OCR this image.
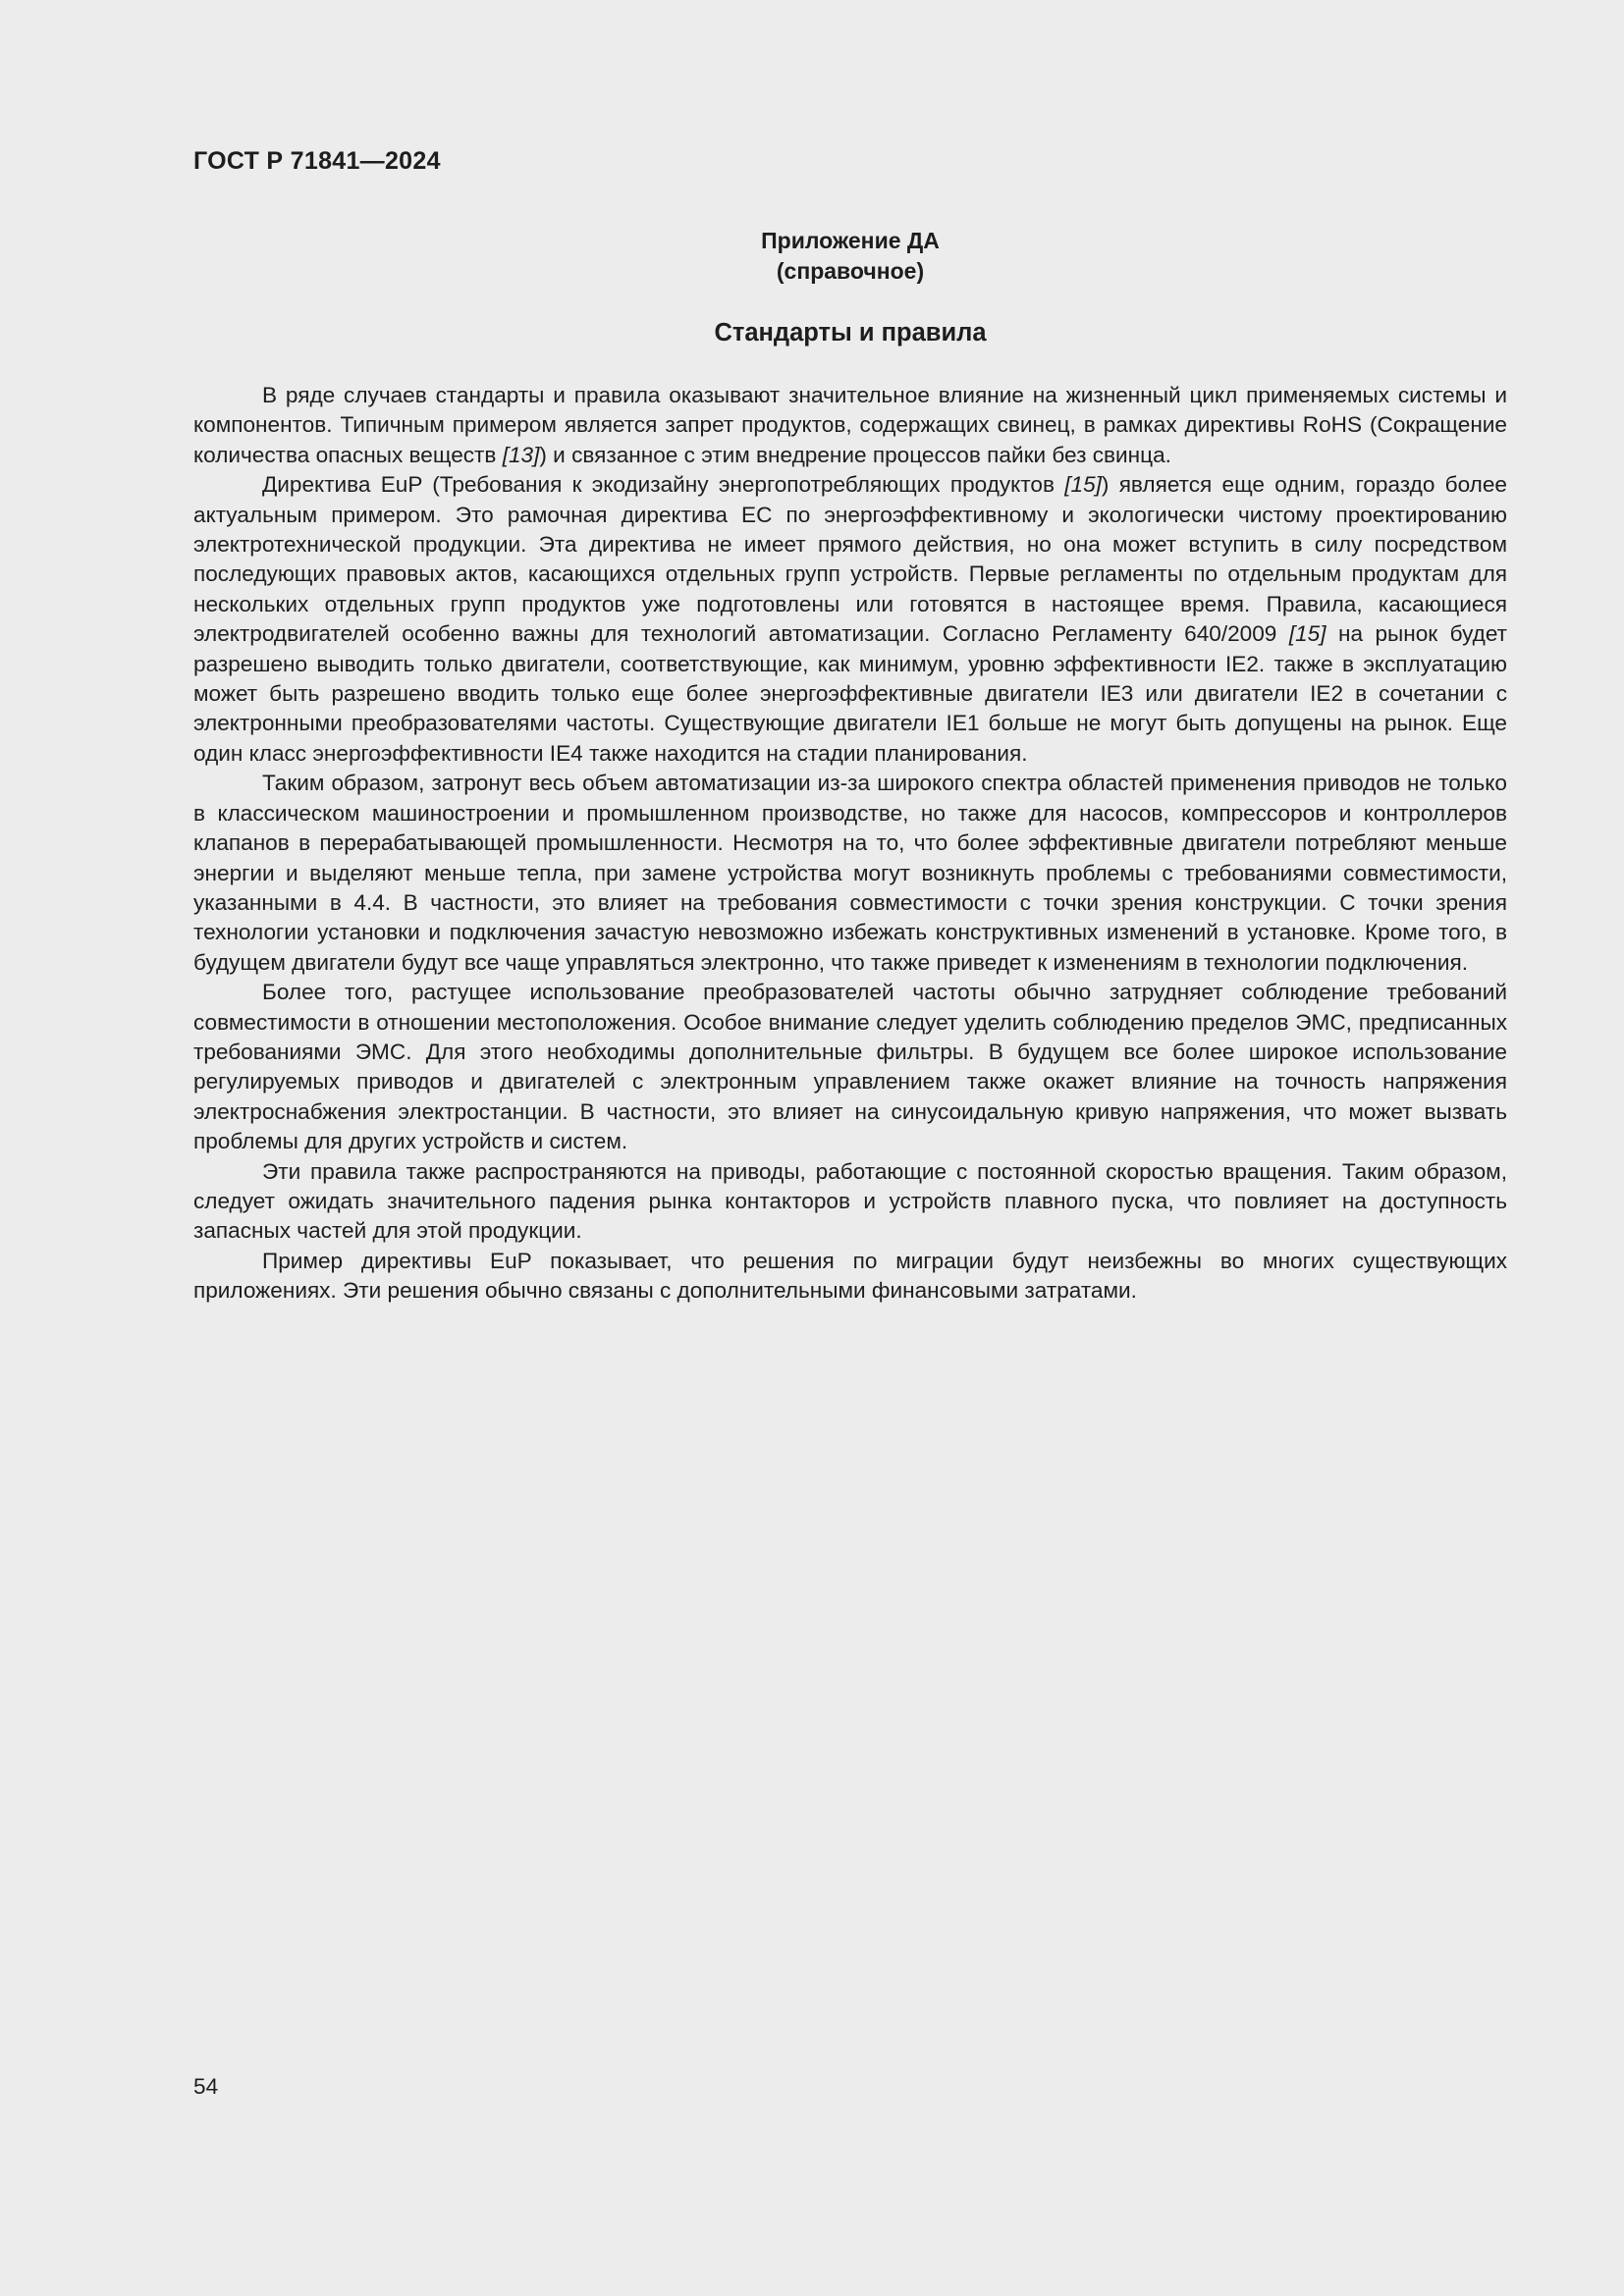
ГОСТ Р 71841—2024
Приложение ДА
(справочное)
Стандарты и правила

В ряде случаев стандарты и правила оказывают значительное влияние на жизненный цикл применяемых системы и компонентов. Типичным примером является запрет продуктов, содержащих свинец, в рамках директивы RoHS (Сокращение количества опасных веществ [13]) и связанное с этим внедрение процессов пайки без свинца.

Директива EuP (Требования к экодизайну энергопотребляющих продуктов [15]) является еще одним, гораздо более актуальным примером. Это рамочная директива ЕС по энергоэффективному и экологически чистому проектированию электротехнической продукции. Эта директива не имеет прямого действия, но она может вступить в силу посредством последующих правовых актов, касающихся отдельных групп устройств. Первые регламенты по отдельным продуктам для нескольких отдельных групп продуктов уже подготовлены или готовятся в настоящее время. Правила, касающиеся электродвигателей особенно важны для технологий автоматизации. Согласно Регламенту 640/2009 [15] на рынок будет разрешено выводить только двигатели, соответствующие, как минимум, уровню эффективности IE2. также в эксплуатацию может быть разрешено вводить только еще более энергоэффективные двигатели IE3 или двигатели IE2 в сочетании с электронными преобразователями частоты. Существующие двигатели IE1 больше не могут быть допущены на рынок. Еще один класс энергоэффективности IE4 также находится на стадии планирования.

Таким образом, затронут весь объем автоматизации из-за широкого спектра областей применения приводов не только в классическом машиностроении и промышленном производстве, но также для насосов, компрессоров и контроллеров клапанов в перерабатывающей промышленности. Несмотря на то, что более эффективные двигатели потребляют меньше энергии и выделяют меньше тепла, при замене устройства могут возникнуть проблемы с требованиями совместимости, указанными в 4.4. В частности, это влияет на требования совместимости с точки зрения конструкции. С точки зрения технологии установки и подключения зачастую невозможно избежать конструктивных изменений в установке. Кроме того, в будущем двигатели будут все чаще управляться электронно, что также приведет к изменениям в технологии подключения.

Более того, растущее использование преобразователей частоты обычно затрудняет соблюдение требований совместимости в отношении местоположения. Особое внимание следует уделить соблюдению пределов ЭМС, предписанных требованиями ЭМС. Для этого необходимы дополнительные фильтры. В будущем все более широкое использование регулируемых приводов и двигателей с электронным управлением также окажет влияние на точность напряжения электроснабжения электростанции. В частности, это влияет на синусоидальную кривую напряжения, что может вызвать проблемы для других устройств и систем.

Эти правила также распространяются на приводы, работающие с постоянной скоростью вращения. Таким образом, следует ожидать значительного падения рынка контакторов и устройств плавного пуска, что повлияет на доступность запасных частей для этой продукции.

Пример директивы EuP показывает, что решения по миграции будут неизбежны во многих существующих приложениях. Эти решения обычно связаны с дополнительными финансовыми затратами.

54
